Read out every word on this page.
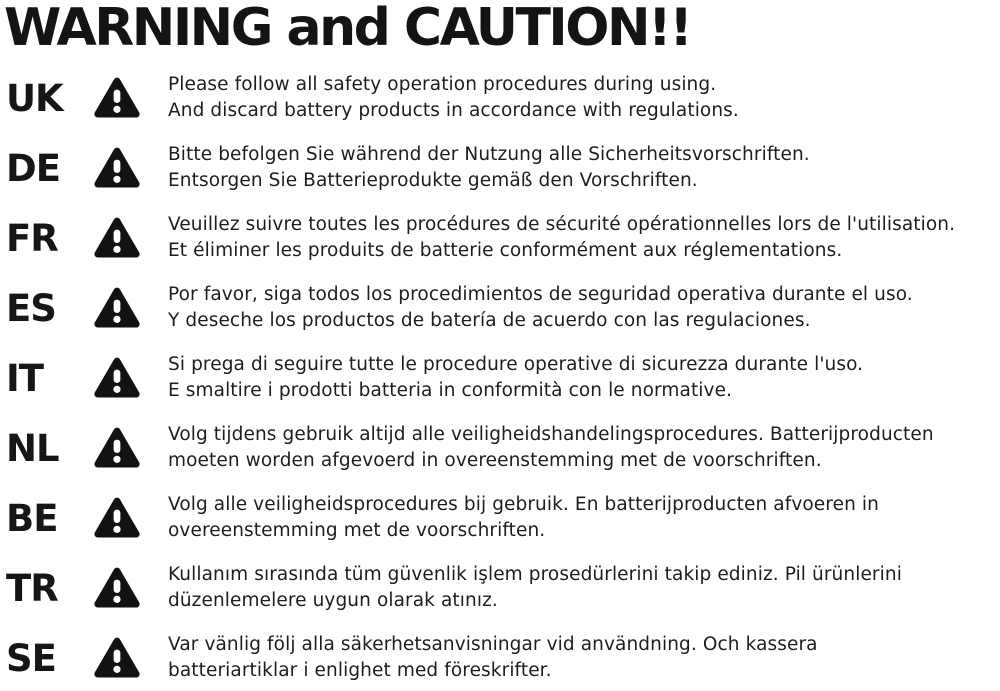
WARNING and CAUTION!!
UK	Please follow all safety operation procedures during using.
And discard battery products in accordance with regulations.
DE	Bitte befolgen Sie während der Nutzung alle Sicherheitsvorschriften.
Entsorgen Sie Batterieprodukte gemäß den Vorschriften.
FR	Veuillez suivre toutes les procédures de sécurité opérationnelles lors de l'utilisation.
Et éliminer les produits de batterie conformément aux réglementations.
ES	Por favor, siga todos los procedimientos de seguridad operativa durante el uso.
Y deseche los productos de batería de acuerdo con las regulaciones.
IT	Si prega di seguire tutte le procedure operative di sicurezza durante l'uso.
E smaltire i prodotti batteria in conformità con le normative.
NL	Volg tijdens gebruik altijd alle veiligheidshandelingsprocedures. Batterijproducten
moeten worden afgevoerd in overeenstemming met de voorschriften.
BE	Volg alle veiligheidsprocedures bij gebruik. En batterijproducten afvoeren in
overeenstemming met de voorschriften.
TR	Kullanım sırasında tüm güvenlik işlem prosedürlerini takip ediniz. Pil ürünlerini
düzenlemelere uygun olarak atınız.
SE	Var vänlig följ alla säkerhetsanvisningar vid användning. Och kassera
batteriartiklar i enlighet med föreskrifter.
